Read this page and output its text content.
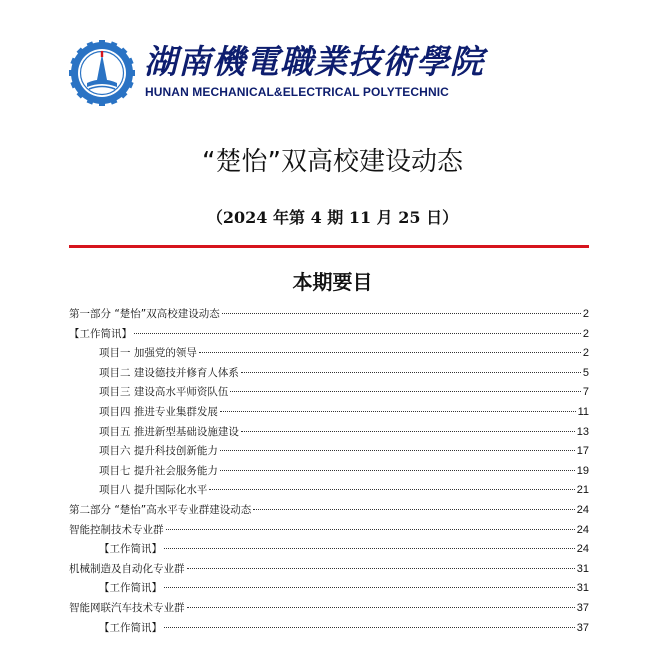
湖南機電職業技術學院
HUNAN MECHANICAL&ELECTRICAL POLYTECHNIC
“楚怡”双高校建设动态
（2024 年第 4 期 11 月 25 日）
本期要目
第一部分 “楚怡”双高校建设动态	2
【工作简讯】	2
项目一 加强党的领导	2
项目二 建设德技并修育人体系	5
项目三 建设高水平师资队伍	7
项目四 推进专业集群发展	11
项目五 推进新型基础设施建设	13
项目六 提升科技创新能力	17
项目七 提升社会服务能力	19
项目八 提升国际化水平	21
第二部分 “楚怡”高水平专业群建设动态	24
智能控制技术专业群	24
【工作简讯】	24
机械制造及自动化专业群	31
【工作简讯】	31
智能网联汽车技术专业群	37
【工作简讯】	37
